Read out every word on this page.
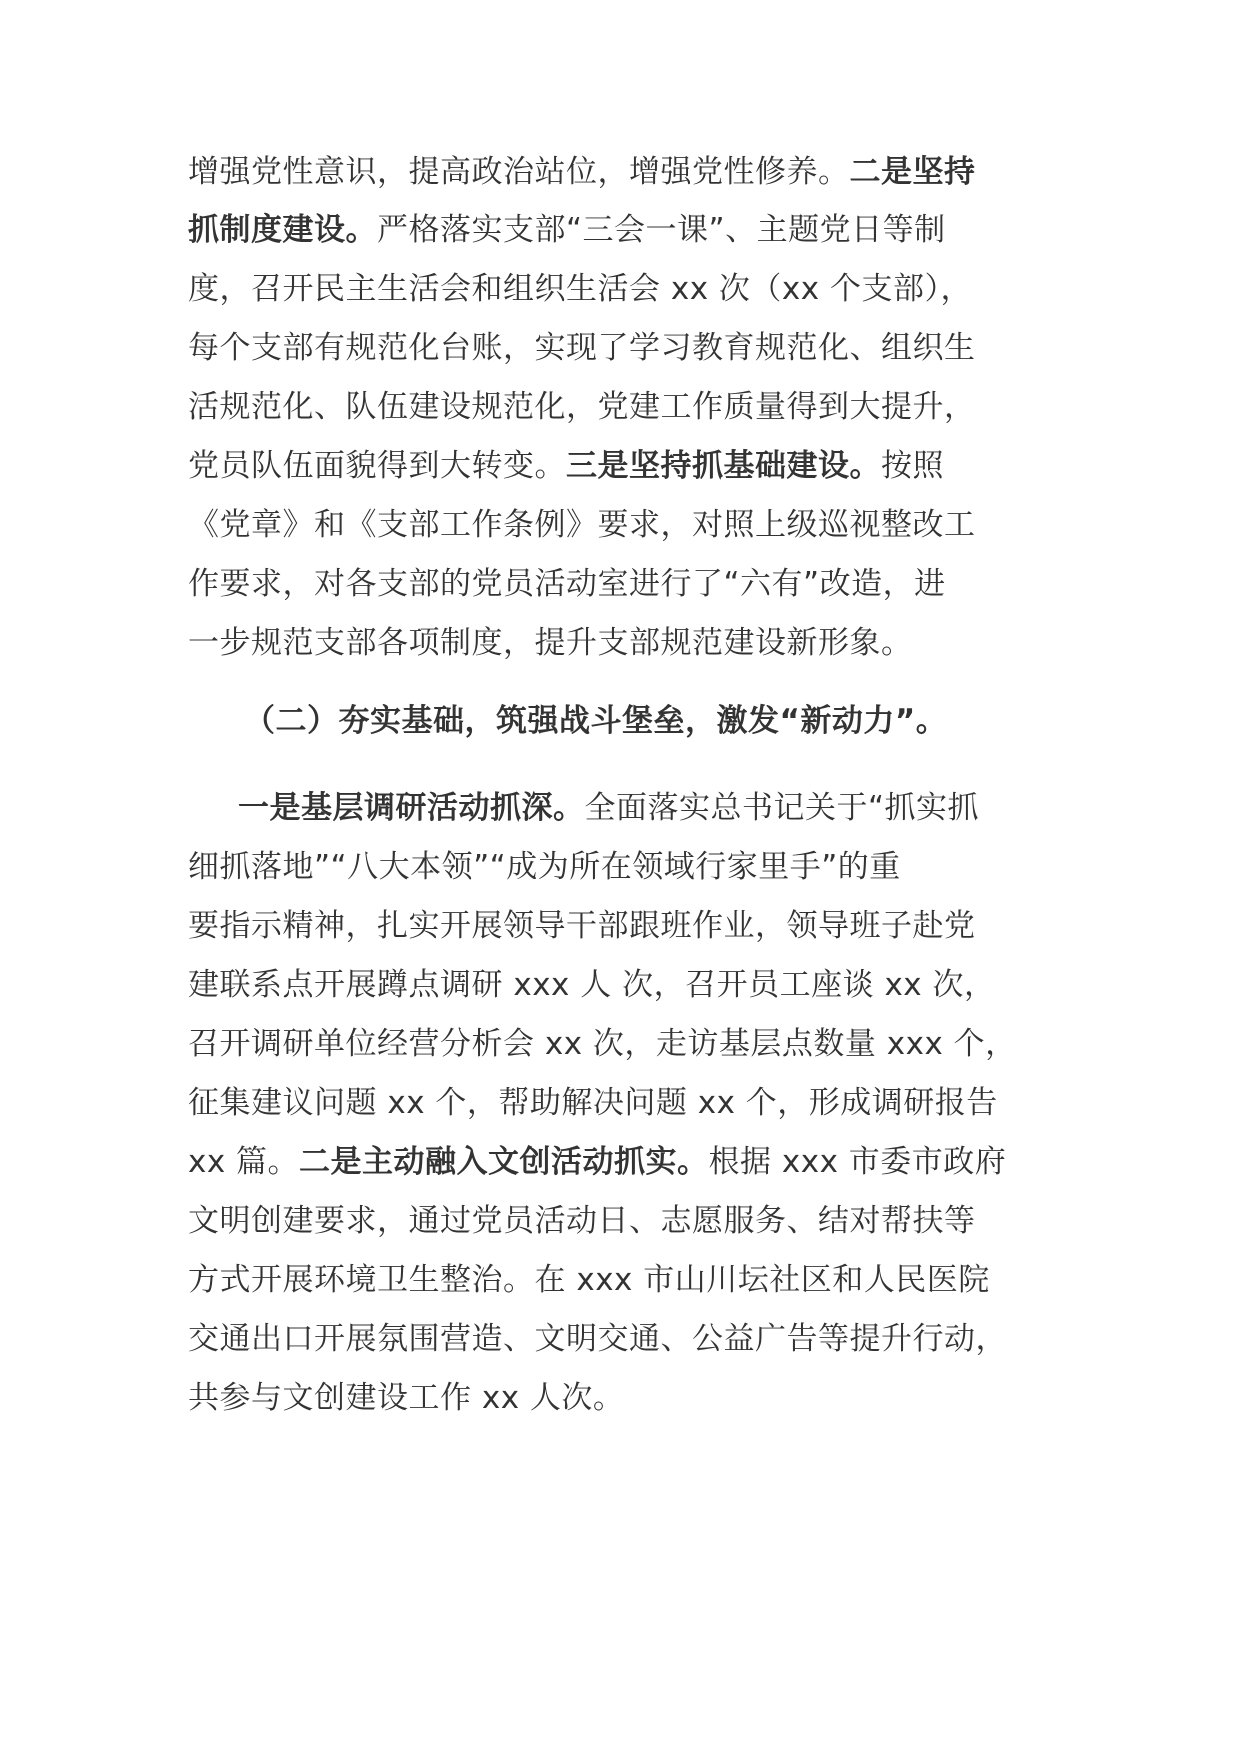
增强党性意识，提高政治站位，增强党性修养。二是坚持
抓制度建设。严格落实支部“三会一课”、主题党日等制
度，召开民主生活会和组织生活会 xx 次（xx 个支部），
每个支部有规范化台账，实现了学习教育规范化、组织生
活规范化、队伍建设规范化，党建工作质量得到大提升，
党员队伍面貌得到大转变。三是坚持抓基础建设。按照
《党章》和《支部工作条例》要求，对照上级巡视整改工
作要求，对各支部的党员活动室进行了“六有”改造，进
一步规范支部各项制度，提升支部规范建设新形象。
（二）夯实基础，筑强战斗堡垒，激发“新动力”。
一是基层调研活动抓深。全面落实总书记关于“抓实抓
细抓落地”“八大本领”“成为所在领域行家里手”的重
要指示精神，扎实开展领导干部跟班作业，领导班子赴党
建联系点开展蹲点调研 xxx 人 次，召开员工座谈 xx 次，
召开调研单位经营分析会 xx 次，走访基层点数量 xxx 个，
征集建议问题 xx 个，帮助解决问题 xx 个，形成调研报告
xx 篇。二是主动融入文创活动抓实。根据 xxx 市委市政府
文明创建要求，通过党员活动日、志愿服务、结对帮扶等
方式开展环境卫生整治。在 xxx 市山川坛社区和人民医院
交通出口开展氛围营造、文明交通、公益广告等提升行动，
共参与文创建设工作 xx 人次。
